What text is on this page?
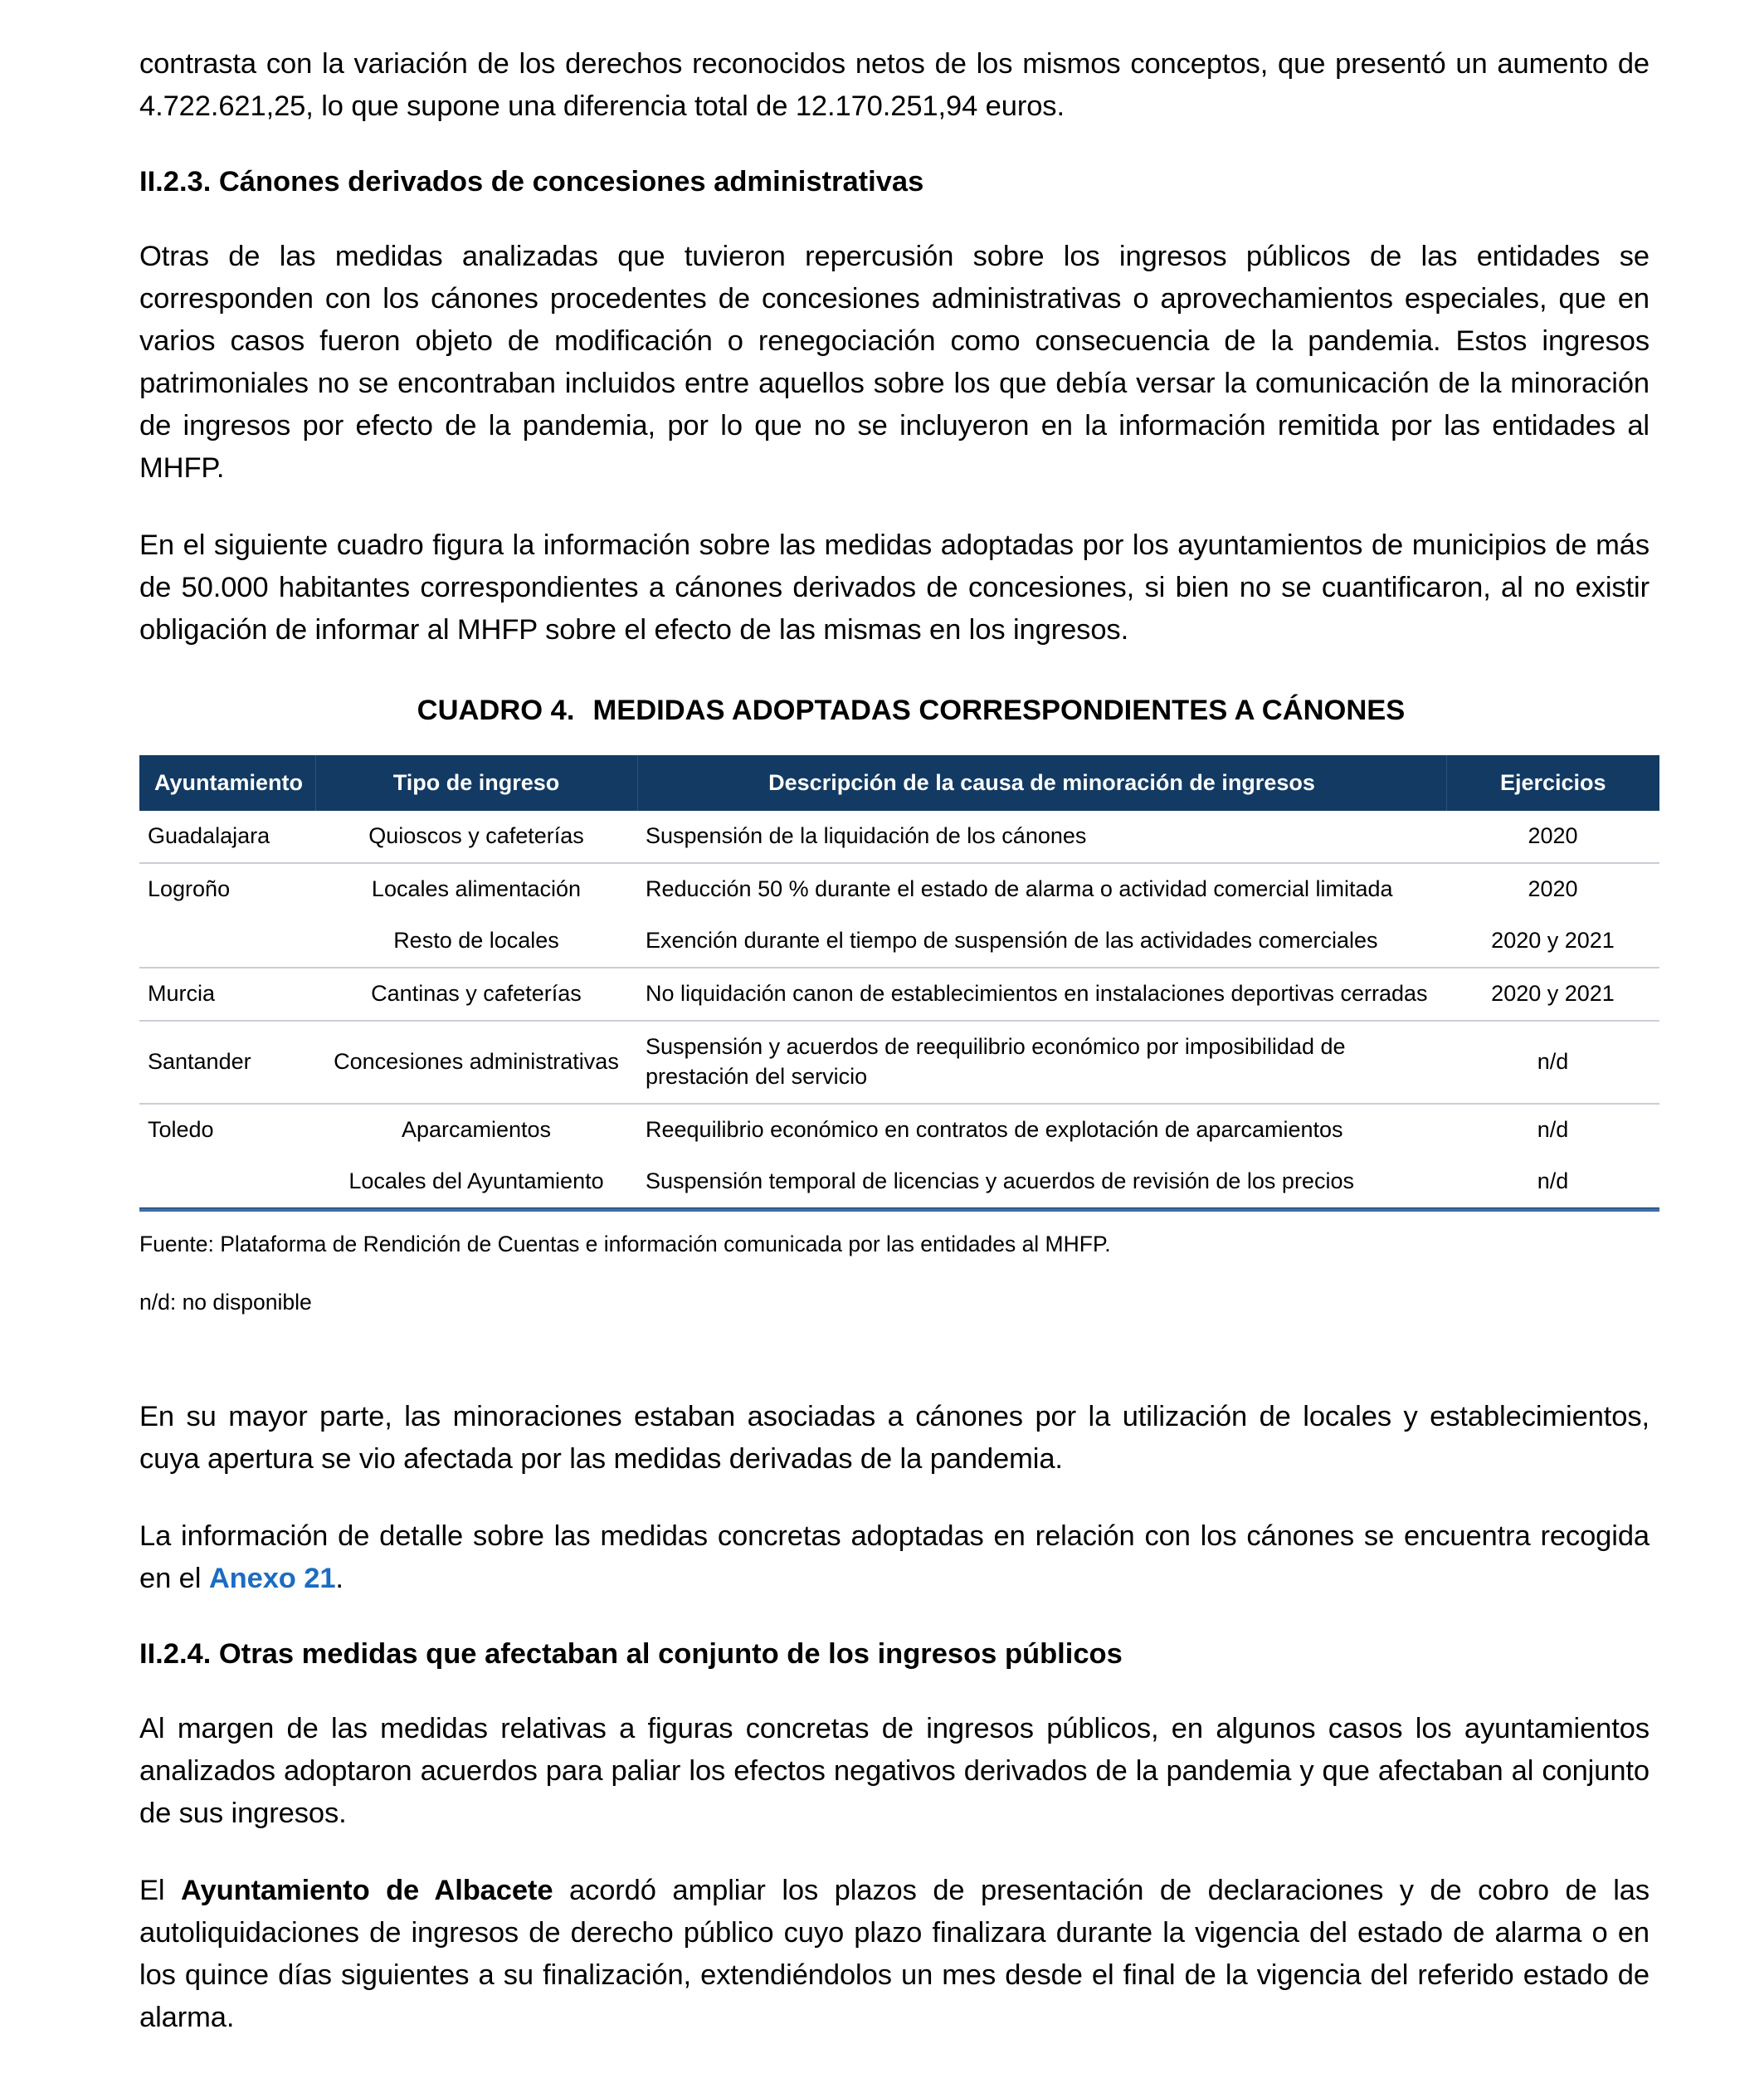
contrasta con la variación de los derechos reconocidos netos de los mismos conceptos, que presentó un aumento de 4.722.621,25, lo que supone una diferencia total de 12.170.251,94 euros.

II.2.3. Cánones derivados de concesiones administrativas

Otras de las medidas analizadas que tuvieron repercusión sobre los ingresos públicos de las entidades se corresponden con los cánones procedentes de concesiones administrativas o aprovechamientos especiales, que en varios casos fueron objeto de modificación o renegociación como consecuencia de la pandemia. Estos ingresos patrimoniales no se encontraban incluidos entre aquellos sobre los que debía versar la comunicación de la minoración de ingresos por efecto de la pandemia, por lo que no se incluyeron en la información remitida por las entidades al MHFP.

En el siguiente cuadro figura la información sobre las medidas adoptadas por los ayuntamientos de municipios de más de 50.000 habitantes correspondientes a cánones derivados de concesiones, si bien no se cuantificaron, al no existir obligación de informar al MHFP sobre el efecto de las mismas en los ingresos.

CUADRO 4. MEDIDAS ADOPTADAS CORRESPONDIENTES A CÁNONES
Ayuntamiento	Tipo de ingreso	Descripción de la causa de minoración de ingresos	Ejercicios
Guadalajara	Quioscos y cafeterías	Suspensión de la liquidación de los cánones	2020
Logroño	Locales alimentación	Reducción 50 % durante el estado de alarma o actividad comercial limitada	2020
	Resto de locales	Exención durante el tiempo de suspensión de las actividades comerciales	2020 y 2021
Murcia	Cantinas y cafeterías	No liquidación canon de establecimientos en instalaciones deportivas cerradas	2020 y 2021
Santander	Concesiones administrativas	Suspensión y acuerdos de reequilibrio económico por imposibilidad de prestación del servicio	n/d
Toledo	Aparcamientos	Reequilibrio económico en contratos de explotación de aparcamientos	n/d
	Locales del Ayuntamiento	Suspensión temporal de licencias y acuerdos de revisión de los precios	n/d

Fuente: Plataforma de Rendición de Cuentas e información comunicada por las entidades al MHFP.

n/d: no disponible

En su mayor parte, las minoraciones estaban asociadas a cánones por la utilización de locales y establecimientos, cuya apertura se vio afectada por las medidas derivadas de la pandemia.

La información de detalle sobre las medidas concretas adoptadas en relación con los cánones se encuentra recogida en el Anexo 21.

II.2.4. Otras medidas que afectaban al conjunto de los ingresos públicos

Al margen de las medidas relativas a figuras concretas de ingresos públicos, en algunos casos los ayuntamientos analizados adoptaron acuerdos para paliar los efectos negativos derivados de la pandemia y que afectaban al conjunto de sus ingresos.

El Ayuntamiento de Albacete acordó ampliar los plazos de presentación de declaraciones y de cobro de las autoliquidaciones de ingresos de derecho público cuyo plazo finalizara durante la vigencia del estado de alarma o en los quince días siguientes a su finalización, extendiéndolos un mes desde el final de la vigencia del referido estado de alarma.
